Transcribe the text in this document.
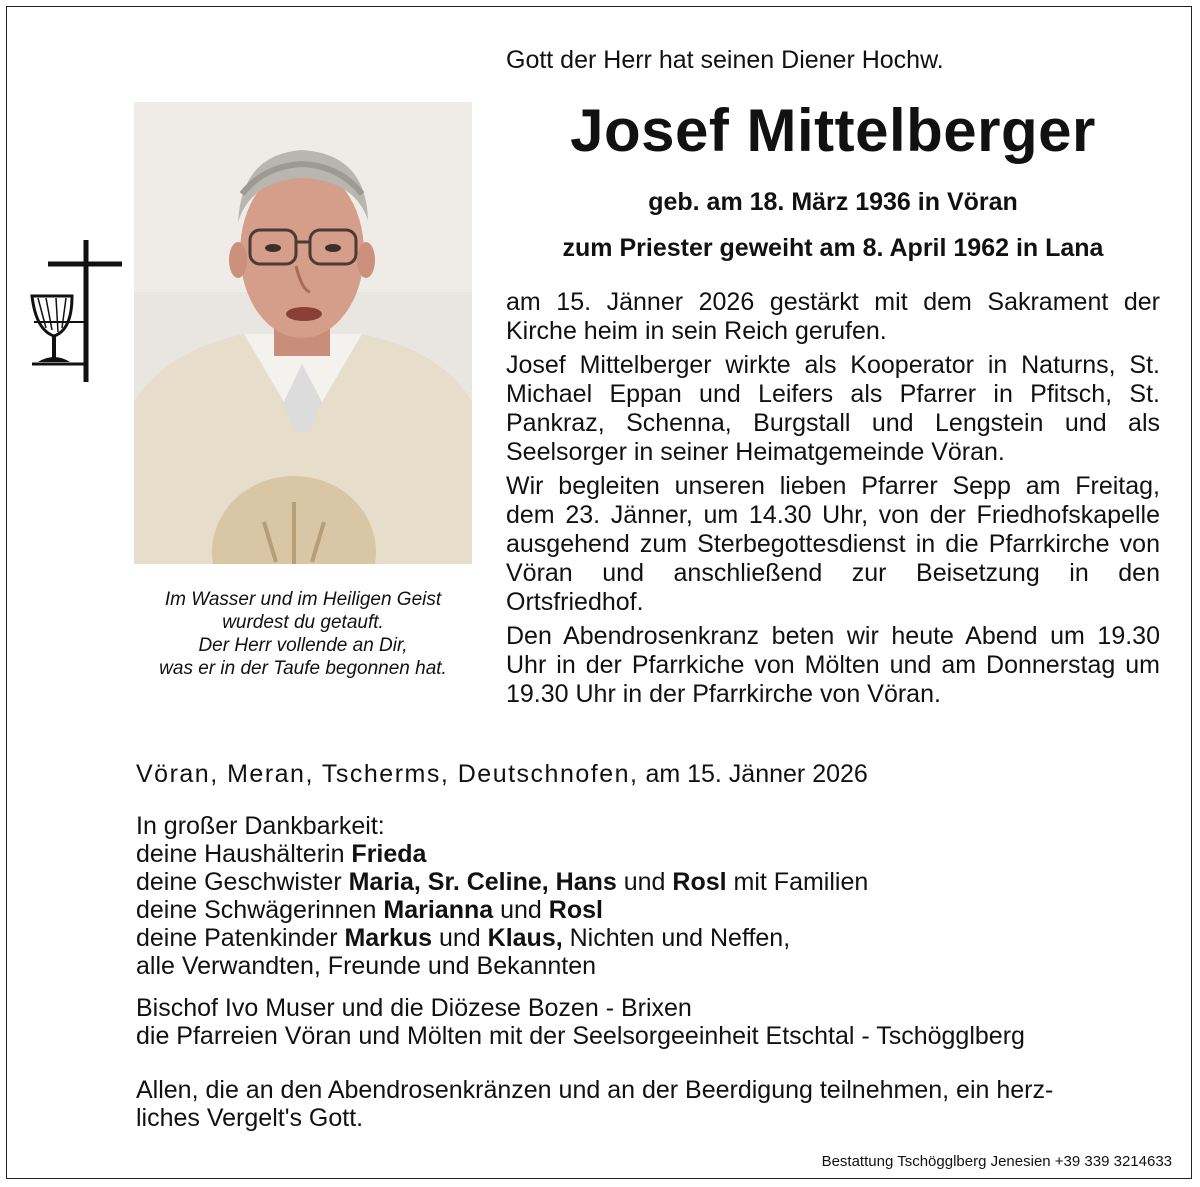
Gott der Herr hat seinen Diener Hochw.
Josef Mittelberger
geb. am 18. März 1936 in Vöran
zum Priester geweiht am 8. April 1962 in Lana
Im Wasser und im Heiligen Geist
wurdest du getauft.
Der Herr vollende an Dir,
was er in der Taufe begonnen hat.

am 15. Jänner 2026 gestärkt mit dem Sakrament der Kirche heim in sein Reich gerufen.

Josef Mittelberger wirkte als Kooperator in Naturns, St. Michael Eppan und Leifers als Pfarrer in Pfitsch, St. Pankraz, Schenna, Burgstall und Lengstein und als Seelsorger in seiner Heimatgemeinde Vöran.

Wir begleiten unseren lieben Pfarrer Sepp am Freitag, dem 23. Jänner, um 14.30 Uhr, von der Friedhofskapelle ausgehend zum Sterbegottesdienst in die Pfarrkirche von Vöran und anschließend zur Beisetzung in den Ortsfriedhof.

Den Abendrosenkranz beten wir heute Abend um 19.30 Uhr in der Pfarrkiche von Mölten und am Donnerstag um 19.30 Uhr in der Pfarrkirche von Vöran.

Vöran, Meran, Tscherms, Deutschnofen, am 15. Jänner 2026
In großer Dankbarkeit:
deine Haushälterin Frieda
deine Geschwister Maria, Sr. Celine, Hans und Rosl mit Familien
deine Schwägerinnen Marianna und Rosl
deine Patenkinder Markus und Klaus, Nichten und Neffen,
alle Verwandten, Freunde und Bekannten
Bischof Ivo Muser und die Diözese Bozen - Brixen
die Pfarreien Vöran und Mölten mit der Seelsorgeeinheit Etschtal - Tschögglberg
Allen, die an den Abendrosenkränzen und an der Beerdigung teilnehmen, ein herz-
liches Vergelt's Gott.
Bestattung Tschögglberg Jenesien +39 339 3214633
